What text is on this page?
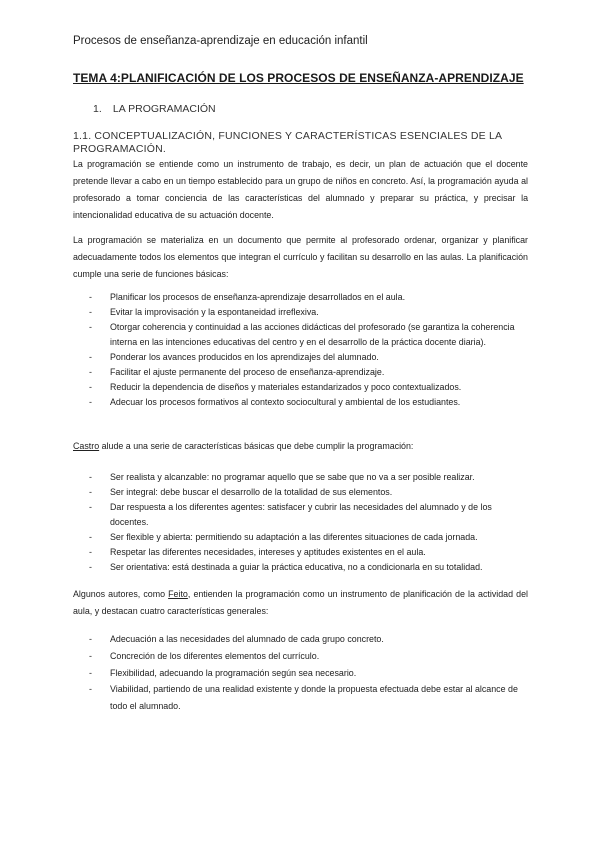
Procesos de enseñanza-aprendizaje en educación infantil
TEMA 4:PLANIFICACIÓN DE LOS PROCESOS DE ENSEÑANZA-APRENDIZAJE
1. LA PROGRAMACIÓN
1.1. CONCEPTUALIZACIÓN, FUNCIONES Y CARACTERÍSTICAS ESENCIALES DE LA PROGRAMACIÓN.

La programación se entiende como un instrumento de trabajo, es decir, un plan de actuación que el docente pretende llevar a cabo en un tiempo establecido para un grupo de niños en concreto. Así, la programación ayuda al profesorado a tomar conciencia de las características del alumnado y preparar su práctica, y precisar la intencionalidad educativa de su actuación docente.

La programación se materializa en un documento que permite al profesorado ordenar, organizar y planificar adecuadamente todos los elementos que integran el currículo y facilitan su desarrollo en las aulas. La planificación cumple una serie de funciones básicas:

- Planificar los procesos de enseñanza-aprendizaje desarrollados en el aula.
- Evitar la improvisación y la espontaneidad irreflexiva.
- Otorgar coherencia y continuidad a las acciones didácticas del profesorado (se garantiza la coherencia interna en las intenciones educativas del centro y en el desarrollo de la práctica docente diaria).
- Ponderar los avances producidos en los aprendizajes del alumnado.
- Facilitar el ajuste permanente del proceso de enseñanza-aprendizaje.
- Reducir la dependencia de diseños y materiales estandarizados y poco contextualizados.
- Adecuar los procesos formativos al contexto sociocultural y ambiental de los estudiantes.

Castro alude a una serie de características básicas que debe cumplir la programación:

- Ser realista y alcanzable: no programar aquello que se sabe que no va a ser posible realizar.
- Ser integral: debe buscar el desarrollo de la totalidad de sus elementos.
- Dar respuesta a los diferentes agentes: satisfacer y cubrir las necesidades del alumnado y de los docentes.
- Ser flexible y abierta: permitiendo su adaptación a las diferentes situaciones de cada jornada.
- Respetar las diferentes necesidades, intereses y aptitudes existentes en el aula.
- Ser orientativa: está destinada a guiar la práctica educativa, no a condicionarla en su totalidad.

Algunos autores, como Feito, entienden la programación como un instrumento de planificación de la actividad del aula, y destacan cuatro características generales:

- Adecuación a las necesidades del alumnado de cada grupo concreto.
- Concreción de los diferentes elementos del currículo.
- Flexibilidad, adecuando la programación según sea necesario.
- Viabilidad, partiendo de una realidad existente y donde la propuesta efectuada debe estar al alcance de todo el alumnado.
